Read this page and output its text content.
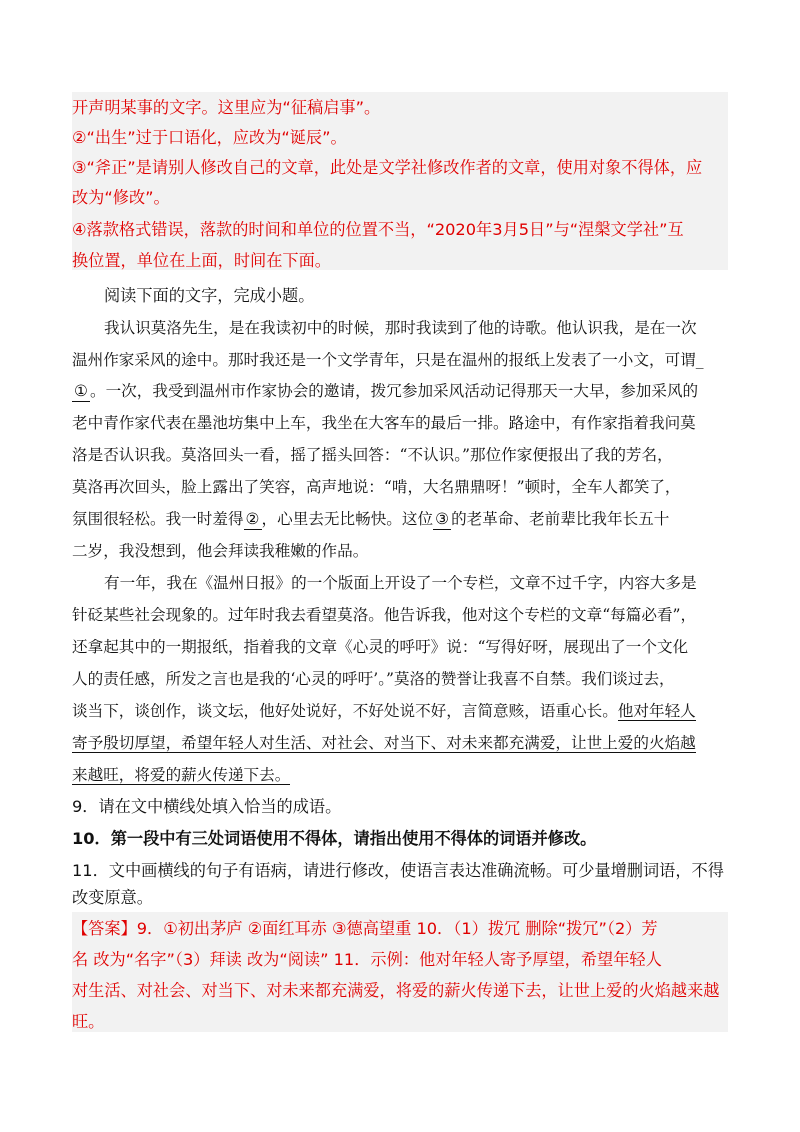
开声明某事的文字。这里应为“征稿启事”。
②“出生”过于口语化，应改为“诞辰”。
③“斧正”是请别人修改自己的文章，此处是文学社修改作者的文章，使用对象不得体，应
改为“修改”。
④落款格式错误，落款的时间和单位的位置不当，“2020年3月5日”与“涅槃文学社”互
换位置，单位在上面，时间在下面。
阅读下面的文字，完成小题。
我认识莫洛先生，是在我读初中的时候，那时我读到了他的诗歌。他认识我，是在一次
温州作家采风的途中。那时我还是一个文学青年，只是在温州的报纸上发表了一小文，可谓_
① 。一次，我受到温州市作家协会的邀请，拨冗参加采风活动记得那天一大早，参加采风的
老中青作家代表在墨池坊集中上车，我坐在大客车的最后一排。路途中，有作家指着我问莫
洛是否认识我。莫洛回头一看，摇了摇头回答：“不认识。”那位作家便报出了我的芳名，
莫洛再次回头，脸上露出了笑容，高声地说：“啃，大名鼎鼎呀！”顿时，全车人都笑了，
氛围很轻松。我一时羞得 ② ，心里去无比畅快。这位 ③ 的老革命、老前辈比我年长五十
二岁，我没想到，他会拜读我稚嫩的作品。
有一年，我在《温州日报》的一个版面上开设了一个专栏，文章不过千字，内容大多是
针砭某些社会现象的。过年时我去看望莫洛。他告诉我，他对这个专栏的文章“每篇必看”，
还拿起其中的一期报纸，指着我的文章《心灵的呼吁》说：“写得好呀，展现出了一个文化
人的责任感，所发之言也是我的‘心灵的呼吁’。”莫洛的赞誉让我喜不自禁。我们谈过去，
谈当下，谈创作，谈文坛，他好处说好，不好处说不好，言简意赅，语重心长。他对年轻人
寄予殷切厚望，希望年轻人对生活、对社会、对当下、对未来都充满爱，让世上爱的火焰越
来越旺，将爱的薪火传递下去。
9．请在文中横线处填入恰当的成语。
10．第一段中有三处词语使用不得体，请指出使用不得体的词语并修改。
11．文中画横线的句子有语病，请进行修改，使语言表达准确流畅。可少量增删词语，不得
改变原意。
【答案】9．①初出茅庐 ②面红耳赤 ③德高望重 10．（1）拨冗 删除“拨冗”（2）芳
名 改为“名字”（3）拜读 改为“阅读” 11．示例：他对年轻人寄予厚望，希望年轻人
对生活、对社会、对当下、对未来都充满爱，将爱的薪火传递下去，让世上爱的火焰越来越
旺。
